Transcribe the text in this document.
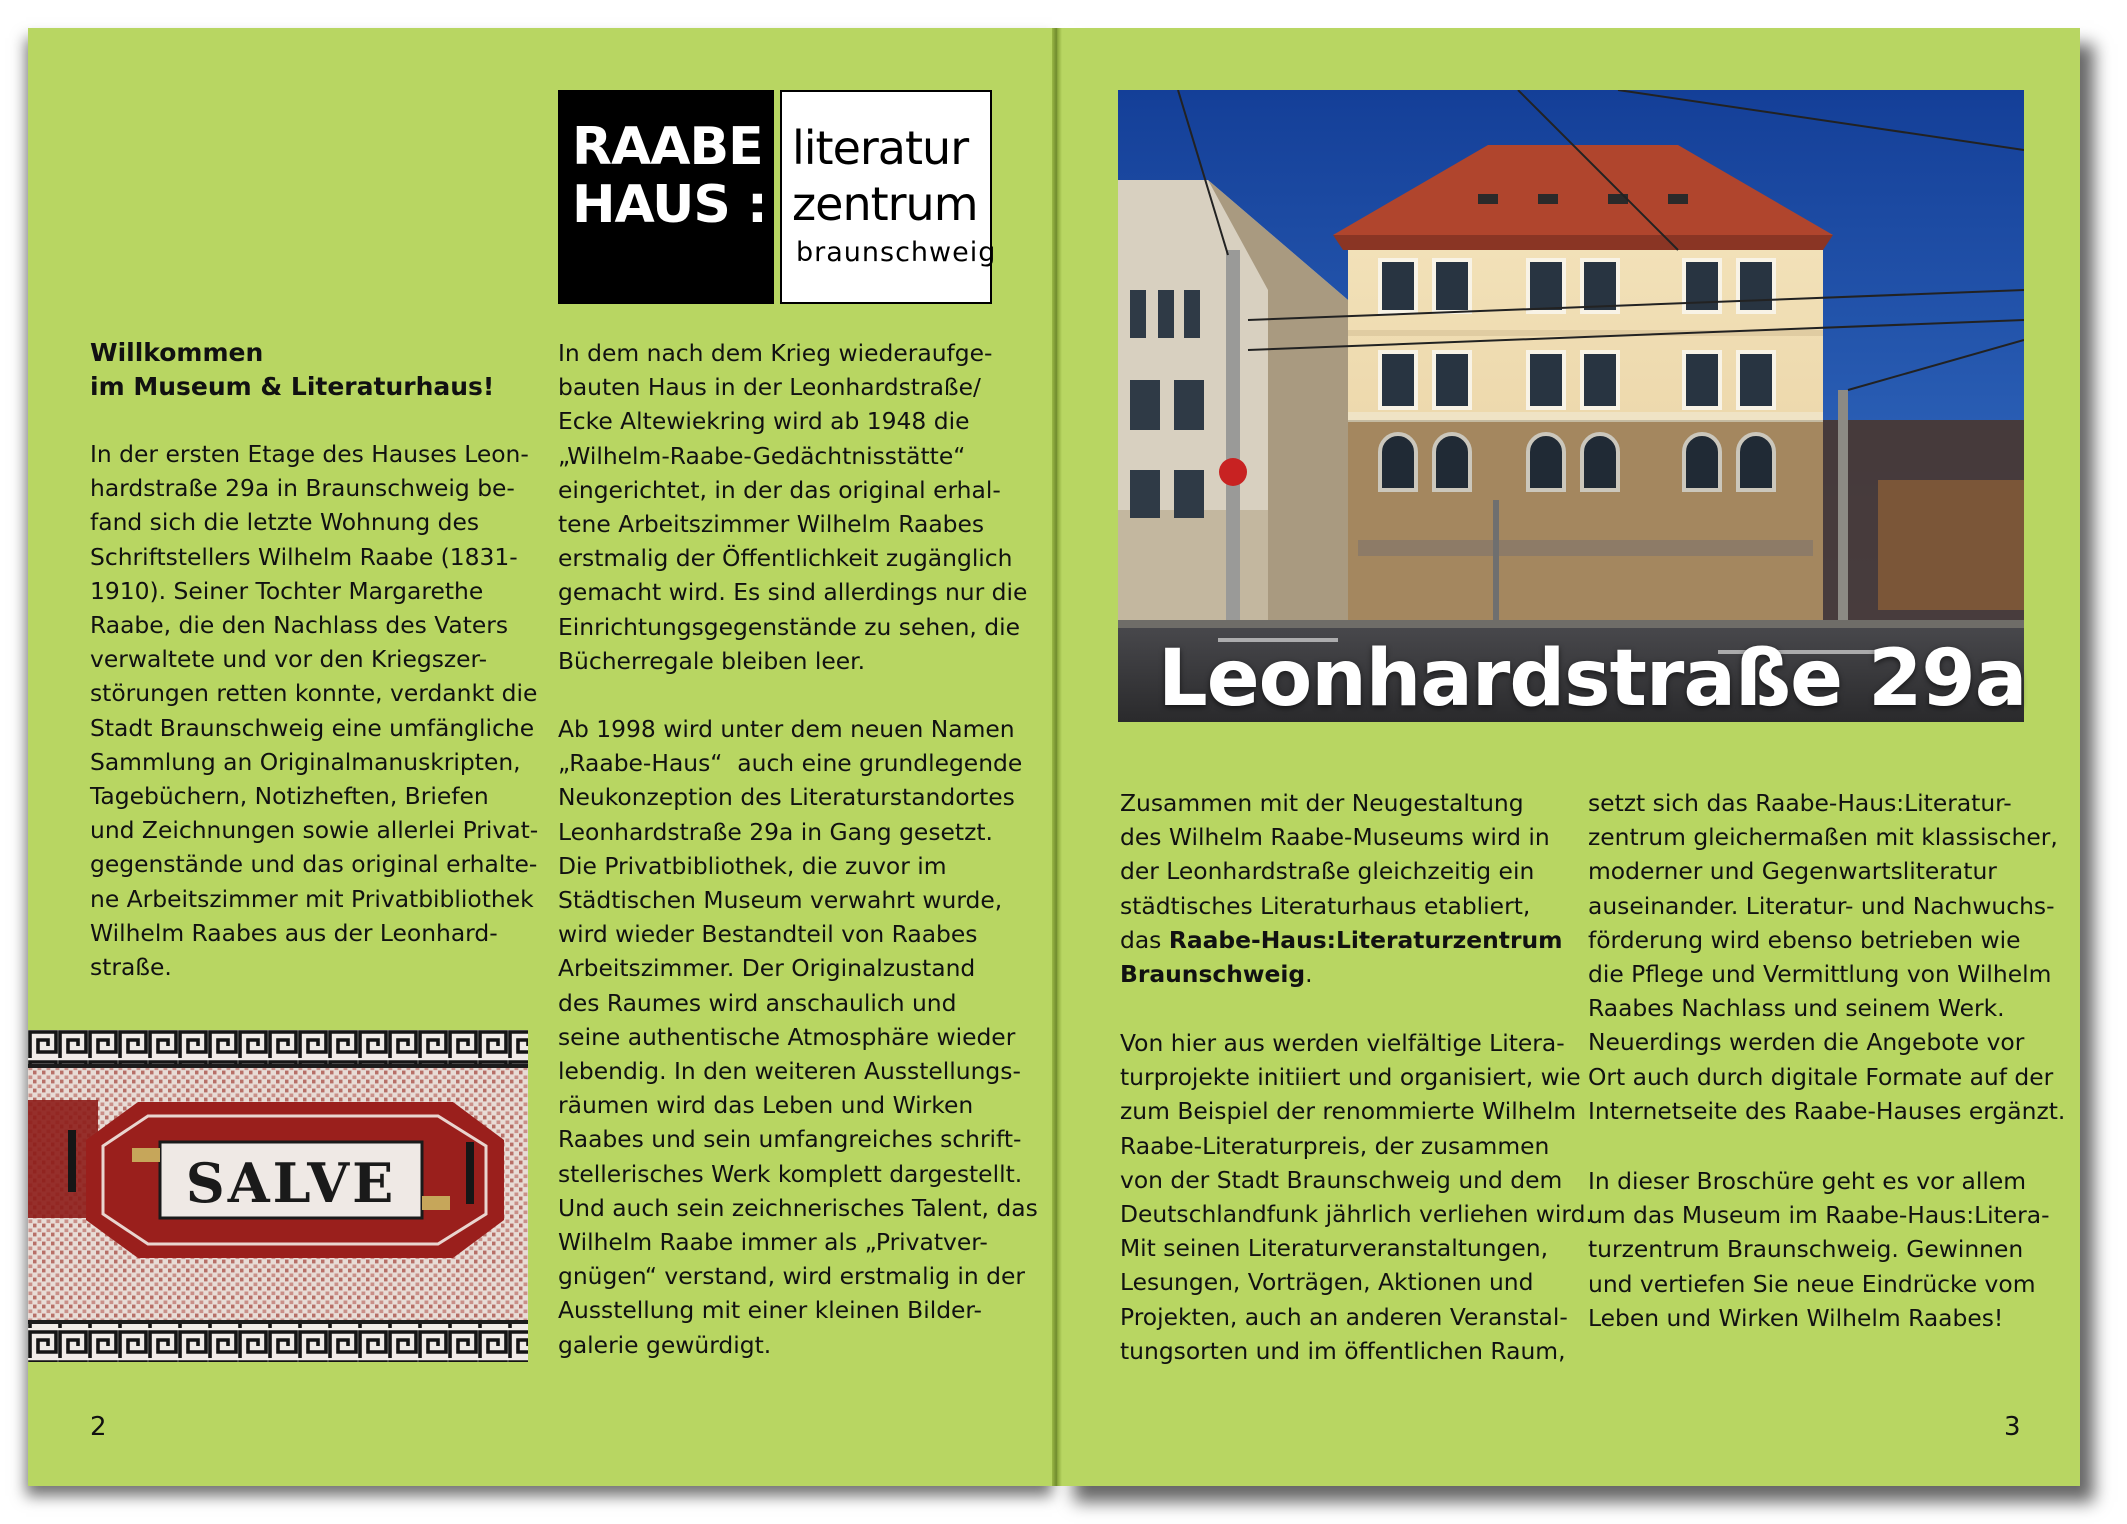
RAABE
HAUS :
literatur
zentrum
braunschweig
Willkommen
im Museum & Literaturhaus!
In der ersten Etage des Hauses Leon-
hardstraße 29a in Braunschweig be-
fand sich die letzte Wohnung des
Schriftstellers Wilhelm Raabe (1831-
1910). Seiner Tochter Margarethe
Raabe, die den Nachlass des Vaters
verwaltete und vor den Kriegszer-
störungen retten konnte, verdankt die
Stadt Braunschweig eine umfängliche
Sammlung an Originalmanuskripten,
Tagebüchern, Notizheften, Briefen
und Zeichnungen sowie allerlei Privat-
gegenstände und das original erhalte-
ne Arbeitszimmer mit Privatbibliothek
Wilhelm Raabes aus der Leonhard-
straße.
SALVE
In dem nach dem Krieg wiederaufge-
bauten Haus in der Leonhardstraße/
Ecke Altewiekring wird ab 1948 die
„Wilhelm-Raabe-Gedächtnisstätte“
eingerichtet, in der das original erhal-
tene Arbeitszimmer Wilhelm Raabes
erstmalig der Öffentlichkeit zugänglich
gemacht wird. Es sind allerdings nur die
Einrichtungsgegenstände zu sehen, die
Bücherregale bleiben leer.
Ab 1998 wird unter dem neuen Namen
„Raabe-Haus“  auch eine grundlegende
Neukonzeption des Literaturstandortes
Leonhardstraße 29a in Gang gesetzt.
Die Privatbibliothek, die zuvor im
Städtischen Museum verwahrt wurde,
wird wieder Bestandteil von Raabes
Arbeitszimmer. Der Originalzustand
des Raumes wird anschaulich und
seine authentische Atmosphäre wieder
lebendig. In den weiteren Ausstellungs-
räumen wird das Leben und Wirken
Raabes und sein umfangreiches schrift-
stellerisches Werk komplett dargestellt.
Und auch sein zeichnerisches Talent, das
Wilhelm Raabe immer als „Privatver-
gnügen“ verstand, wird erstmalig in der
Ausstellung mit einer kleinen Bilder-
galerie gewürdigt.
2
Leonhardstraße 29a
Zusammen mit der Neugestaltung
des Wilhelm Raabe-Museums wird in
der Leonhardstraße gleichzeitig ein
städtisches Literaturhaus etabliert,
das Raabe-Haus:Literaturzentrum
Braunschweig.
Von hier aus werden vielfältige Litera-
turprojekte initiiert und organisiert, wie
zum Beispiel der renommierte Wilhelm
Raabe-Literaturpreis, der zusammen
von der Stadt Braunschweig und dem
Deutschlandfunk jährlich verliehen wird.
Mit seinen Literaturveranstaltungen,
Lesungen, Vorträgen, Aktionen und
Projekten, auch an anderen Veranstal-
tungsorten und im öffentlichen Raum,
setzt sich das Raabe-Haus:Literatur-
zentrum gleichermaßen mit klassischer,
moderner und Gegenwartsliteratur
auseinander. Literatur- und Nachwuchs-
förderung wird ebenso betrieben wie
die Pflege und Vermittlung von Wilhelm
Raabes Nachlass und seinem Werk.
Neuerdings werden die Angebote vor
Ort auch durch digitale Formate auf der
Internetseite des Raabe-Hauses ergänzt.
In dieser Broschüre geht es vor allem
um das Museum im Raabe-Haus:Litera-
turzentrum Braunschweig. Gewinnen
und vertiefen Sie neue Eindrücke vom
Leben und Wirken Wilhelm Raabes!
3
